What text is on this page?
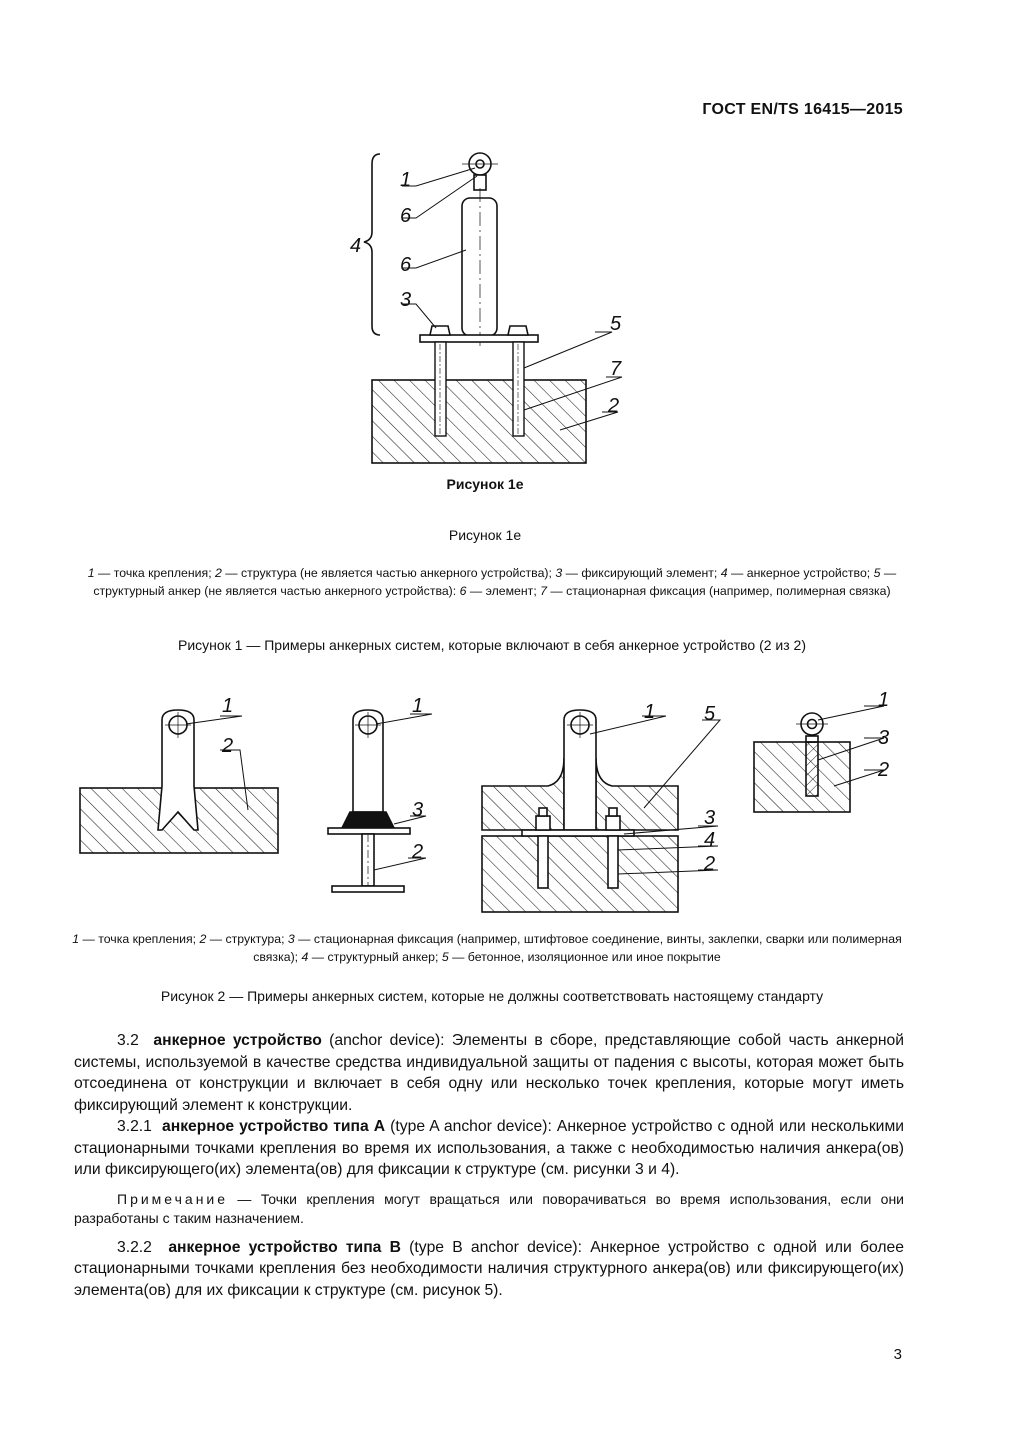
ГОСТ EN/TS 16415—2015
1
6
4
6
3
5
7
2
Рисунок 1е
Рисунок 1е
1 — точка крепления; 2 — структура (не является частью анкерного устройства); 3 — фиксирующий элемент; 4 — анкерное устройство; 5 — структурный анкер (не является частью анкерного устройства): 6 — элемент; 7 — стационарная фиксация (например, полимерная связка)
Рисунок 1 — Примеры анкерных систем, которые включают в себя анкерное устройство (2 из 2)
1
2
1
3
2
1 5
3
4
2
1
3
2
1 — точка крепления; 2 — структура; 3 — стационарная фиксация (например, штифтовое соединение, винты, заклепки, сварки или полимерная связка); 4 — структурный анкер; 5 — бетонное, изоляционное или иное покрытие
Рисунок 2 — Примеры анкерных систем, которые не должны соответствовать настоящему стандарту

3.2 анкерное устройство (anchor device): Элементы в сборе, представляющие собой часть анкерной системы, используемой в качестве средства индивидуальной защиты от падения с высоты, которая может быть отсоединена от конструкции и включает в себя одну или несколько точек крепления, которые могут иметь фиксирующий элемент к конструкции.

3.2.1 анкерное устройство типа А (type A anchor device): Анкерное устройство с одной или несколькими стационарными точками крепления во время их использования, а также с необходимостью наличия анкера(ов) или фиксирующего(их) элемента(ов) для фиксации к структуре (см. рисунки 3 и 4).

Примечание — Точки крепления могут вращаться или поворачиваться во время использования, если они разработаны с таким назначением.

3.2.2 анкерное устройство типа В (type B anchor device): Анкерное устройство с одной или более стационарными точками крепления без необходимости наличия структурного анкера(ов) или фиксирующего(их) элемента(ов) для их фиксации к структуре (см. рисунок 5).

3
